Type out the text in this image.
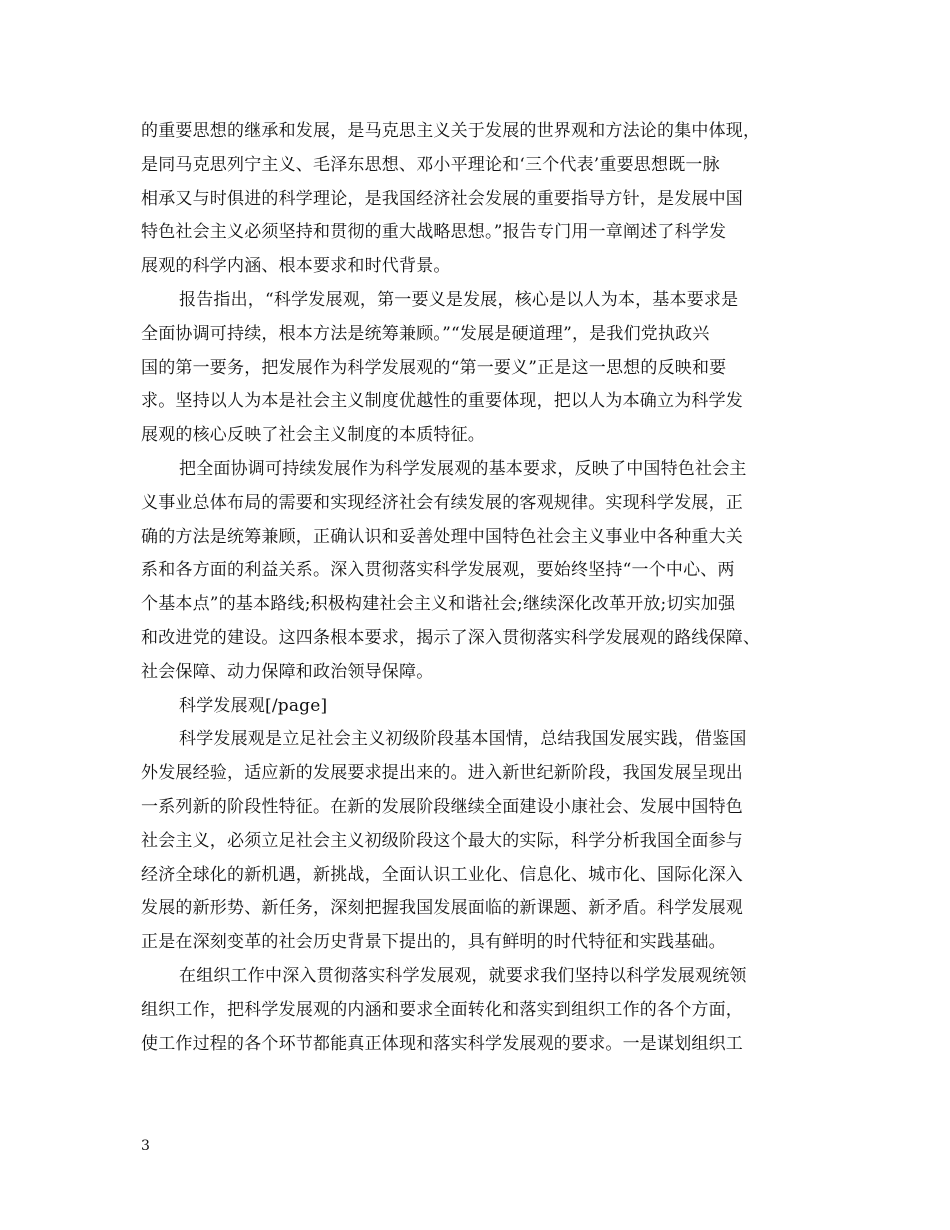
的重要思想的继承和发展，是马克思主义关于发展的世界观和方法论的集中体现，
是同马克思列宁主义、毛泽东思想、邓小平理论和‘三个代表’重要思想既一脉
相承又与时俱进的科学理论，是我国经济社会发展的重要指导方针，是发展中国
特色社会主义必须坚持和贯彻的重大战略思想。”报告专门用一章阐述了科学发
展观的科学内涵、根本要求和时代背景。
报告指出，“科学发展观，第一要义是发展，核心是以人为本，基本要求是
全面协调可持续，根本方法是统筹兼顾。”“发展是硬道理”，是我们党执政兴
国的第一要务，把发展作为科学发展观的“第一要义”正是这一思想的反映和要
求。坚持以人为本是社会主义制度优越性的重要体现，把以人为本确立为科学发
展观的核心反映了社会主义制度的本质特征。
把全面协调可持续发展作为科学发展观的基本要求，反映了中国特色社会主
义事业总体布局的需要和实现经济社会有续发展的客观规律。实现科学发展，正
确的方法是统筹兼顾，正确认识和妥善处理中国特色社会主义事业中各种重大关
系和各方面的利益关系。深入贯彻落实科学发展观，要始终坚持“一个中心、两
个基本点”的基本路线;积极构建社会主义和谐社会;继续深化改革开放;切实加强
和改进党的建设。这四条根本要求，揭示了深入贯彻落实科学发展观的路线保障、
社会保障、动力保障和政治领导保障。
科学发展观[/page]
科学发展观是立足社会主义初级阶段基本国情，总结我国发展实践，借鉴国
外发展经验，适应新的发展要求提出来的。进入新世纪新阶段，我国发展呈现出
一系列新的阶段性特征。在新的发展阶段继续全面建设小康社会、发展中国特色
社会主义，必须立足社会主义初级阶段这个最大的实际，科学分析我国全面参与
经济全球化的新机遇，新挑战，全面认识工业化、信息化、城市化、国际化深入
发展的新形势、新任务，深刻把握我国发展面临的新课题、新矛盾。科学发展观
正是在深刻变革的社会历史背景下提出的，具有鲜明的时代特征和实践基础。
在组织工作中深入贯彻落实科学发展观，就要求我们坚持以科学发展观统领
组织工作，把科学发展观的内涵和要求全面转化和落实到组织工作的各个方面，
使工作过程的各个环节都能真正体现和落实科学发展观的要求。一是谋划组织工
3
